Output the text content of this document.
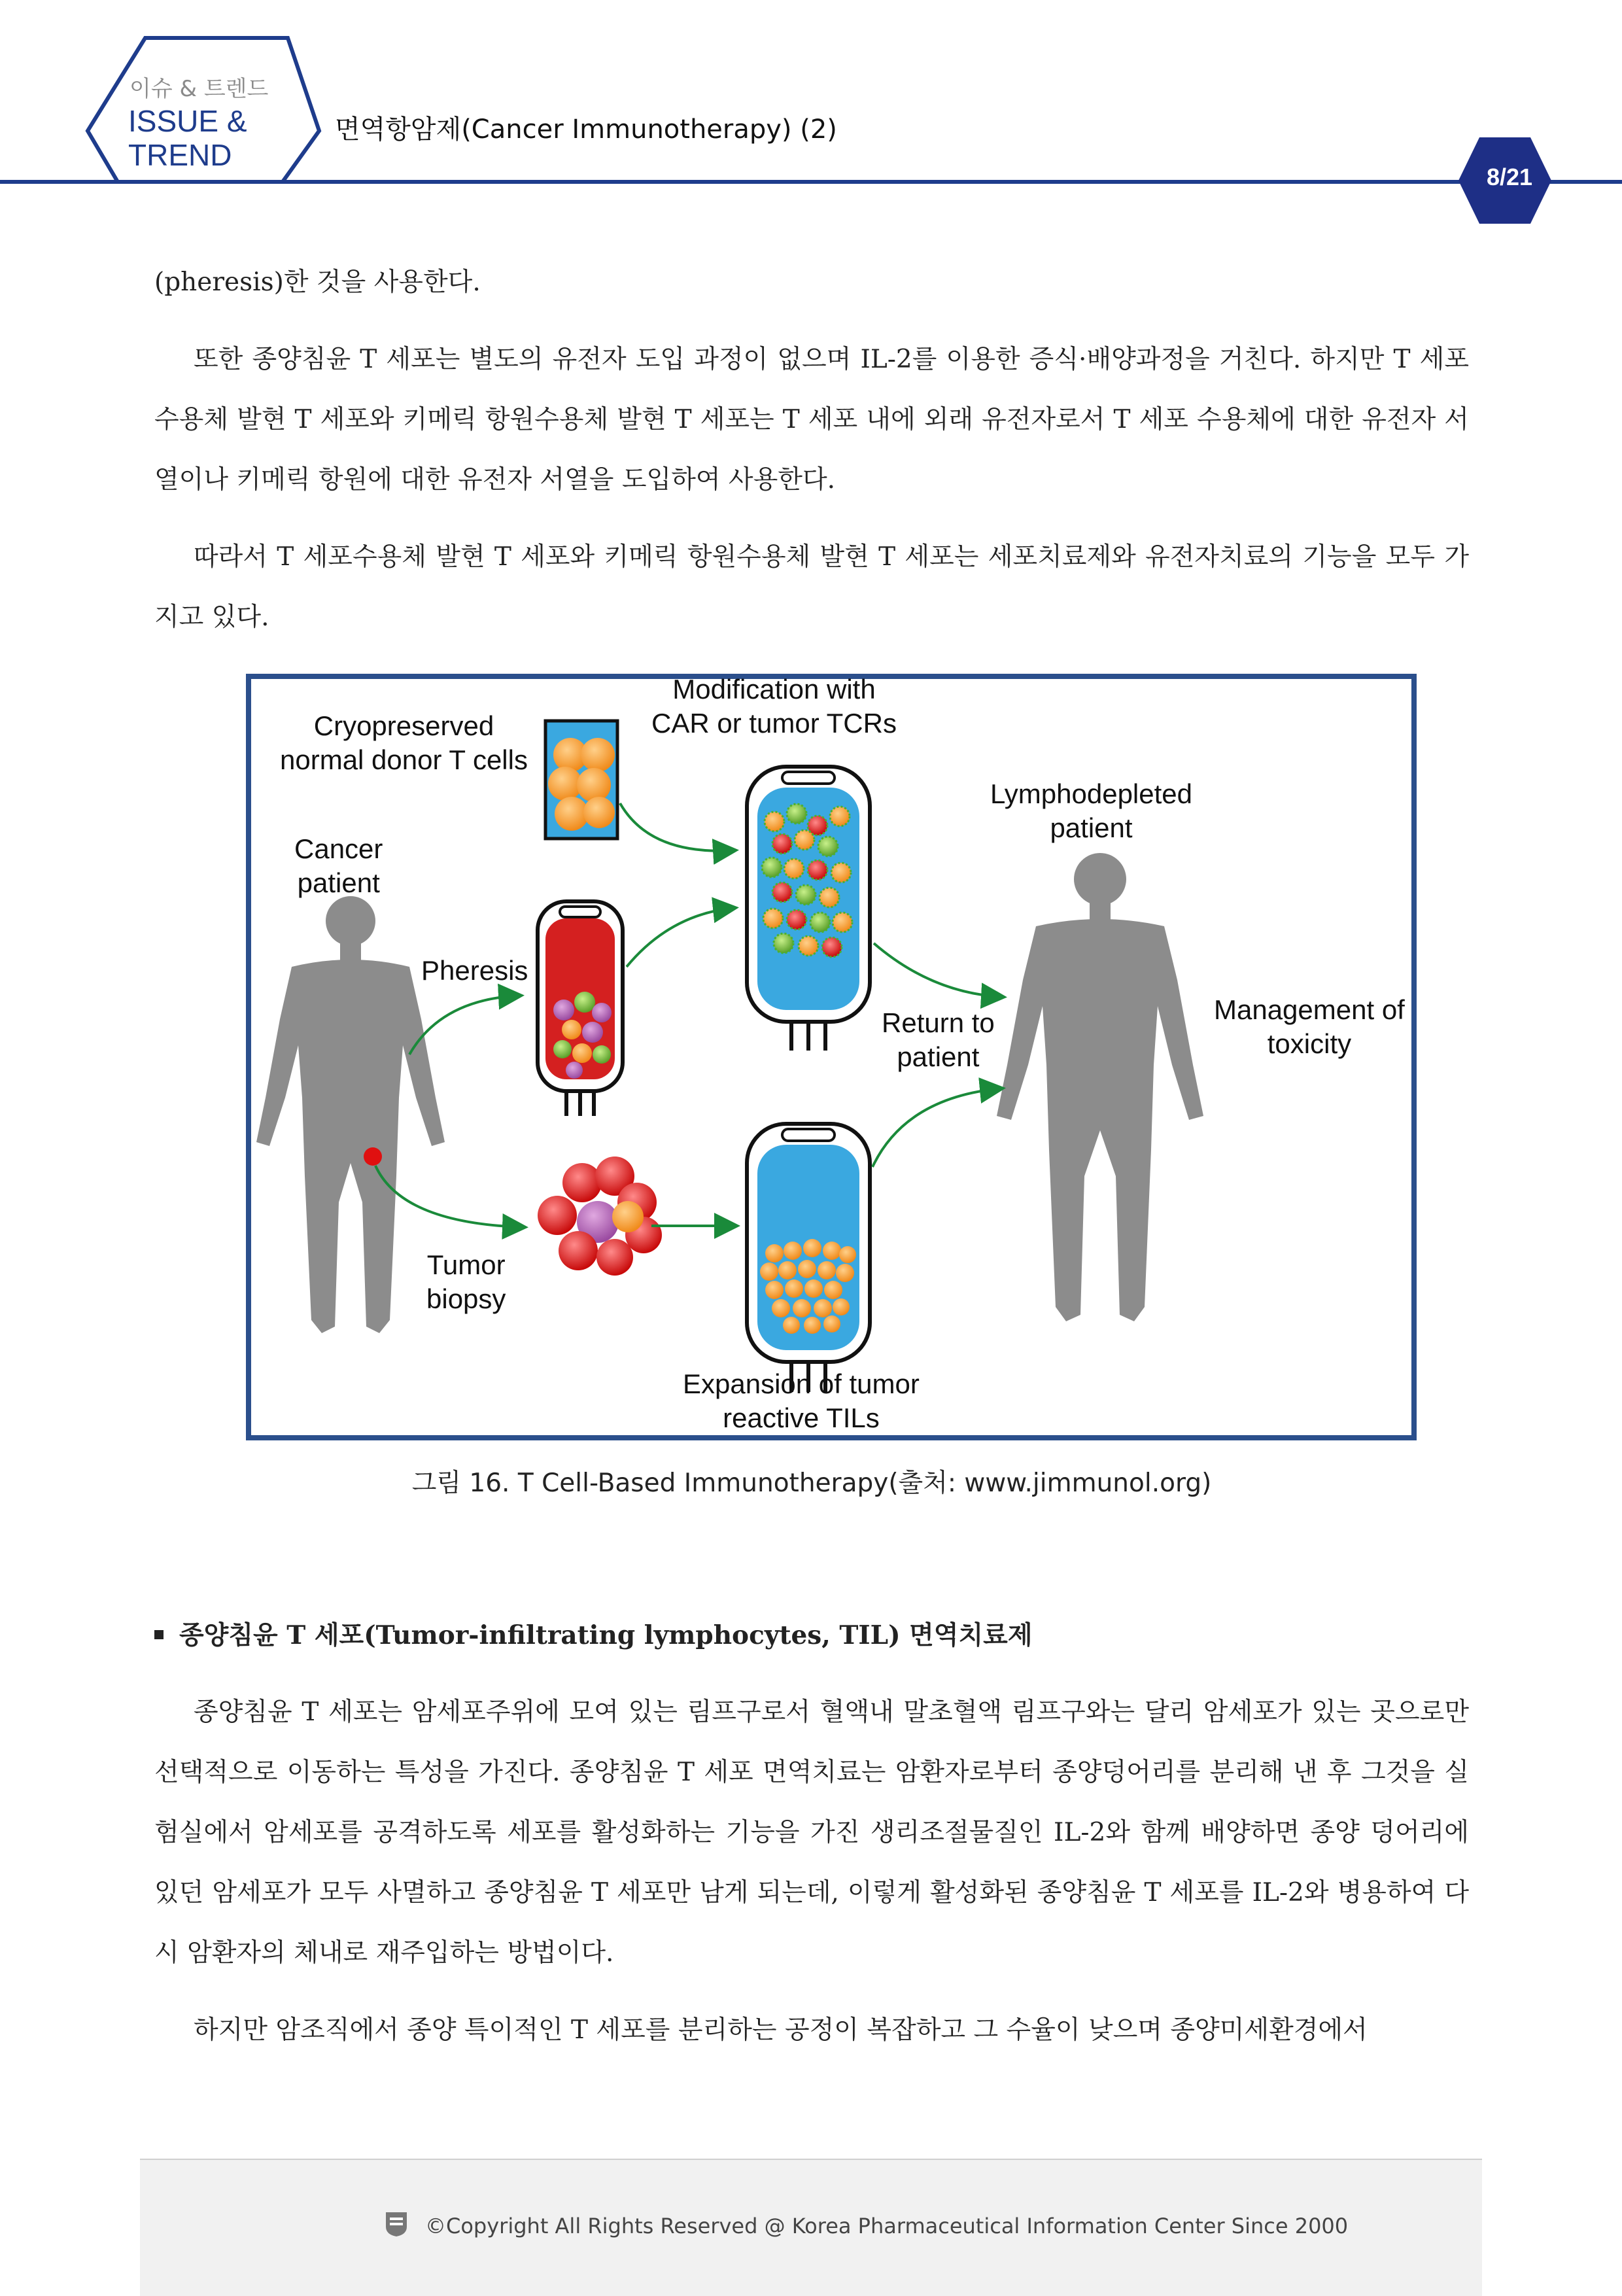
이슈 & 트렌드
ISSUE &
TREND
면역항암제(Cancer Immunotherapy) (2)
8/21

(pheresis)한 것을 사용한다.

또한 종양침윤 T 세포는 별도의 유전자 도입 과정이 없으며 IL-2를 이용한 증식·배양과정을 거친다. 하지만 T 세포수용체 발현 T 세포와 키메릭 항원수용체 발현 T 세포는 T 세포 내에 외래 유전자로서 T 세포 수용체에 대한 유전자 서열이나 키메릭 항원에 대한 유전자 서열을 도입하여 사용한다.

따라서 T 세포수용체 발현 T 세포와 키메릭 항원수용체 발현 T 세포는 세포치료제와 유전자치료의 기능을 모두 가지고 있다.

Modification with
CAR or tumor TCRs
Cryopreserved
normal donor T cells
Cancer
patient
Pheresis
Lymphodepleted
patient
Return to
patient
Management of
toxicity
Tumor
biopsy
Expansion of tumor
reactive TILs
그림 16. T Cell-Based Immunotherapy(출처: www.jimmunol.org)

종양침윤 T 세포(Tumor-infiltrating lymphocytes, TIL) 면역치료제

종양침윤 T 세포는 암세포주위에 모여 있는 림프구로서 혈액내 말초혈액 림프구와는 달리 암세포가 있는 곳으로만 선택적으로 이동하는 특성을 가진다. 종양침윤 T 세포 면역치료는 암환자로부터 종양덩어리를 분리해 낸 후 그것을 실험실에서 암세포를 공격하도록 세포를 활성화하는 기능을 가진 생리조절물질인 IL-2와 함께 배양하면 종양 덩어리에 있던 암세포가 모두 사멸하고 종양침윤 T 세포만 남게 되는데, 이렇게 활성화된 종양침윤 T 세포를 IL-2와 병용하여 다시 암환자의 체내로 재주입하는 방법이다.

하지만 암조직에서 종양 특이적인 T 세포를 분리하는 공정이 복잡하고 그 수율이 낮으며 종양미세환경에서

©Copyright All Rights Reserved @ Korea Pharmaceutical Information Center Since 2000
